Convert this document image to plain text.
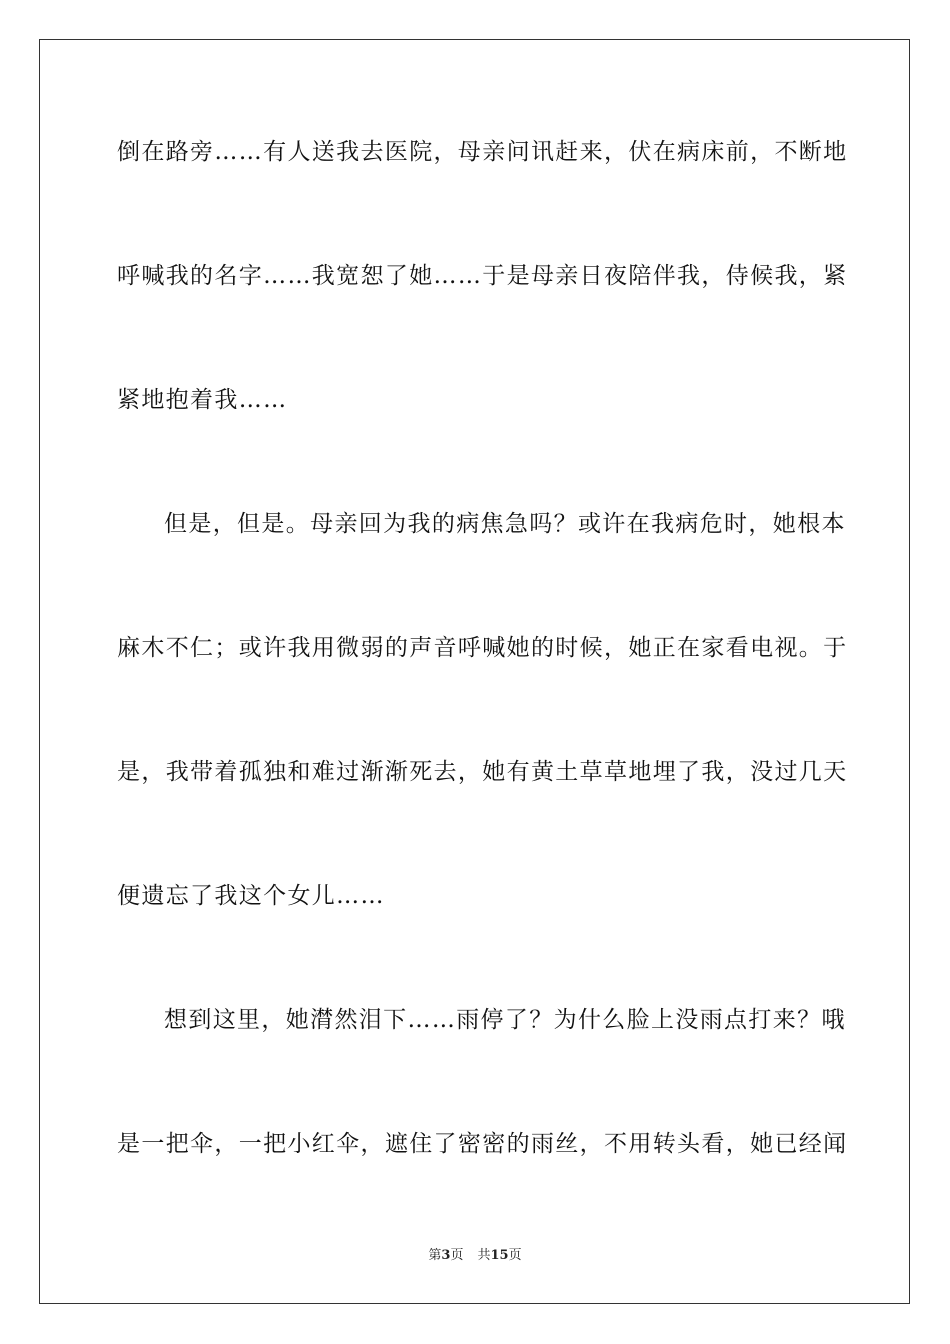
倒在路旁……有人送我去医院，母亲问讯赶来，伏在病床前，不断地
呼喊我的名字……我宽恕了她……于是母亲日夜陪伴我，侍候我，紧
紧地抱着我……
但是，但是。母亲回为我的病焦急吗？或许在我病危时，她根本
麻木不仁；或许我用微弱的声音呼喊她的时候，她正在家看电视。于
是，我带着孤独和难过渐渐死去，她有黄土草草地埋了我，没过几天
便遗忘了我这个女儿……
想到这里，她潸然泪下……雨停了？为什么脸上没雨点打来？哦
是一把伞，一把小红伞，遮住了密密的雨丝，不用转头看，她已经闻
第3页 共15页
